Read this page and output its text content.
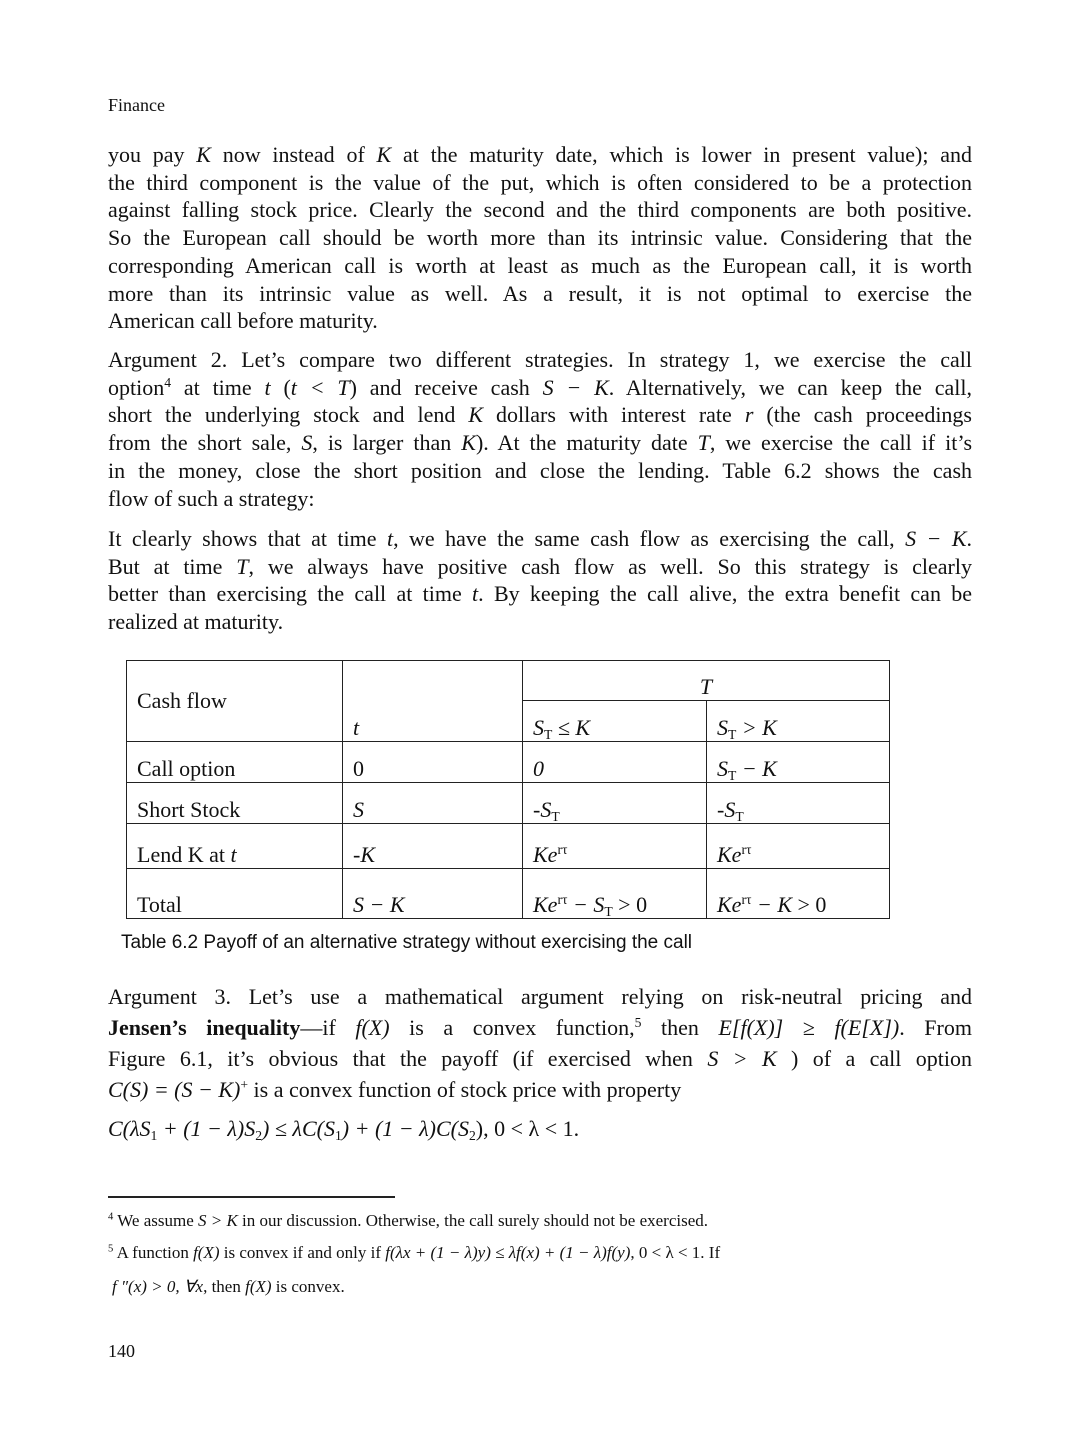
Finance
you pay K now instead of K at the maturity date, which is lower in present value); and
the third component is the value of the put, which is often considered to be a protection
against falling stock price. Clearly the second and the third components are both positive.
So the European call should be worth more than its intrinsic value. Considering that the
corresponding American call is worth at least as much as the European call, it is worth
more than its intrinsic value as well. As a result, it is not optimal to exercise the
American call before maturity.
Argument 2. Let’s compare two different strategies. In strategy 1, we exercise the call
option$^4$ at time t (t < T) and receive cash S − K. Alternatively, we can keep the call,
short the underlying stock and lend K dollars with interest rate r (the cash proceedings
from the short sale, S, is larger than K). At the maturity date T, we exercise the call if it’s
in the money, close the short position and close the lending. Table 6.2 shows the cash
flow of such a strategy:
It clearly shows that at time t, we have the same cash flow as exercising the call, S − K.
But at time T, we always have positive cash flow as well. So this strategy is clearly
better than exercising the call at time t. By keeping the call alive, the extra benefit can be
realized at maturity.
Cash flow	t	T	
		$S_T \le K$	$S_T > K$
Call option	0	0	$S_T - K$
Short Stock	S	$-S_T$	$-S_T$
Lend K at t	-K	$Ke^{r\tau}$	$Ke^{r\tau}$
Total	S − K	$Ke^{r\tau} - S_T > 0$	$Ke^{r\tau} - K > 0$
Table 6.2 Payoff of an alternative strategy without exercising the call
Argument 3. Let’s use a mathematical argument relying on risk-neutral pricing and
Jensen’s inequality—if f(X) is a convex function,$^5$ then E[f(X)] ≥ f(E[X]). From
Figure 6.1, it’s obvious that the payoff (if exercised when S > K ) of a call option
C(S) = (S − K)+ is a convex function of stock price with property
$C(\lambda S_1 + (1 - \lambda)S_2) \le \lambda C(S_1) + (1 - \lambda)C(S_2)$, 0 < λ < 1.
$^4$ We assume S > K in our discussion. Otherwise, the call surely should not be exercised.
$^5$ A function f(X) is convex if and only if f(λx + (1 − λ)y) ≤ λf(x) + (1 − λ)f(y), 0 < λ < 1. If
f ″(x) > 0, ∀x, then f(X) is convex.
140
